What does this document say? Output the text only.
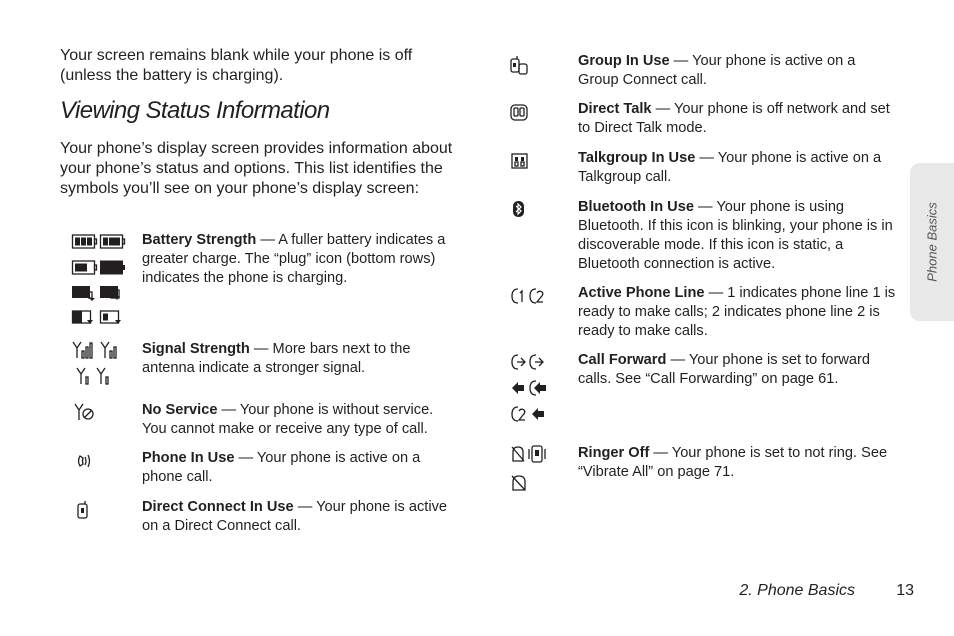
Your screen remains blank while your phone is off (unless the battery is charging).

Viewing Status Information

Your phone’s display screen provides information about your phone’s status and options. This list identifies the symbols you’ll see on your phone’s display screen:

Battery Strength — A fuller battery indicates a greater charge. The “plug” icon (bottom rows) indicates the phone is charging.

Signal Strength — More bars next to the antenna indicate a stronger signal.

No Service — Your phone is without service. You cannot make or receive any type of call.

Phone In Use — Your phone is active on a phone call.

Direct Connect In Use — Your phone is active on a Direct Connect call.

Group In Use — Your phone is active on a Group Connect call.

Direct Talk — Your phone is off network and set to Direct Talk mode.

Talkgroup In Use — Your phone is active on a Talkgroup call.

Bluetooth In Use — Your phone is using Bluetooth. If this icon is blinking, your phone is in discoverable mode. If this icon is static, a Bluetooth connection is active.

Active Phone Line — 1 indicates phone line 1 is ready to make calls; 2 indicates phone line 2 is ready to make calls.

Call Forward — Your phone is set to forward calls. See “Call Forwarding” on page 61.

Ringer Off — Your phone is set to not ring. See “Vibrate All” on page 71.

Phone Basics
2. Phone Basics	13
